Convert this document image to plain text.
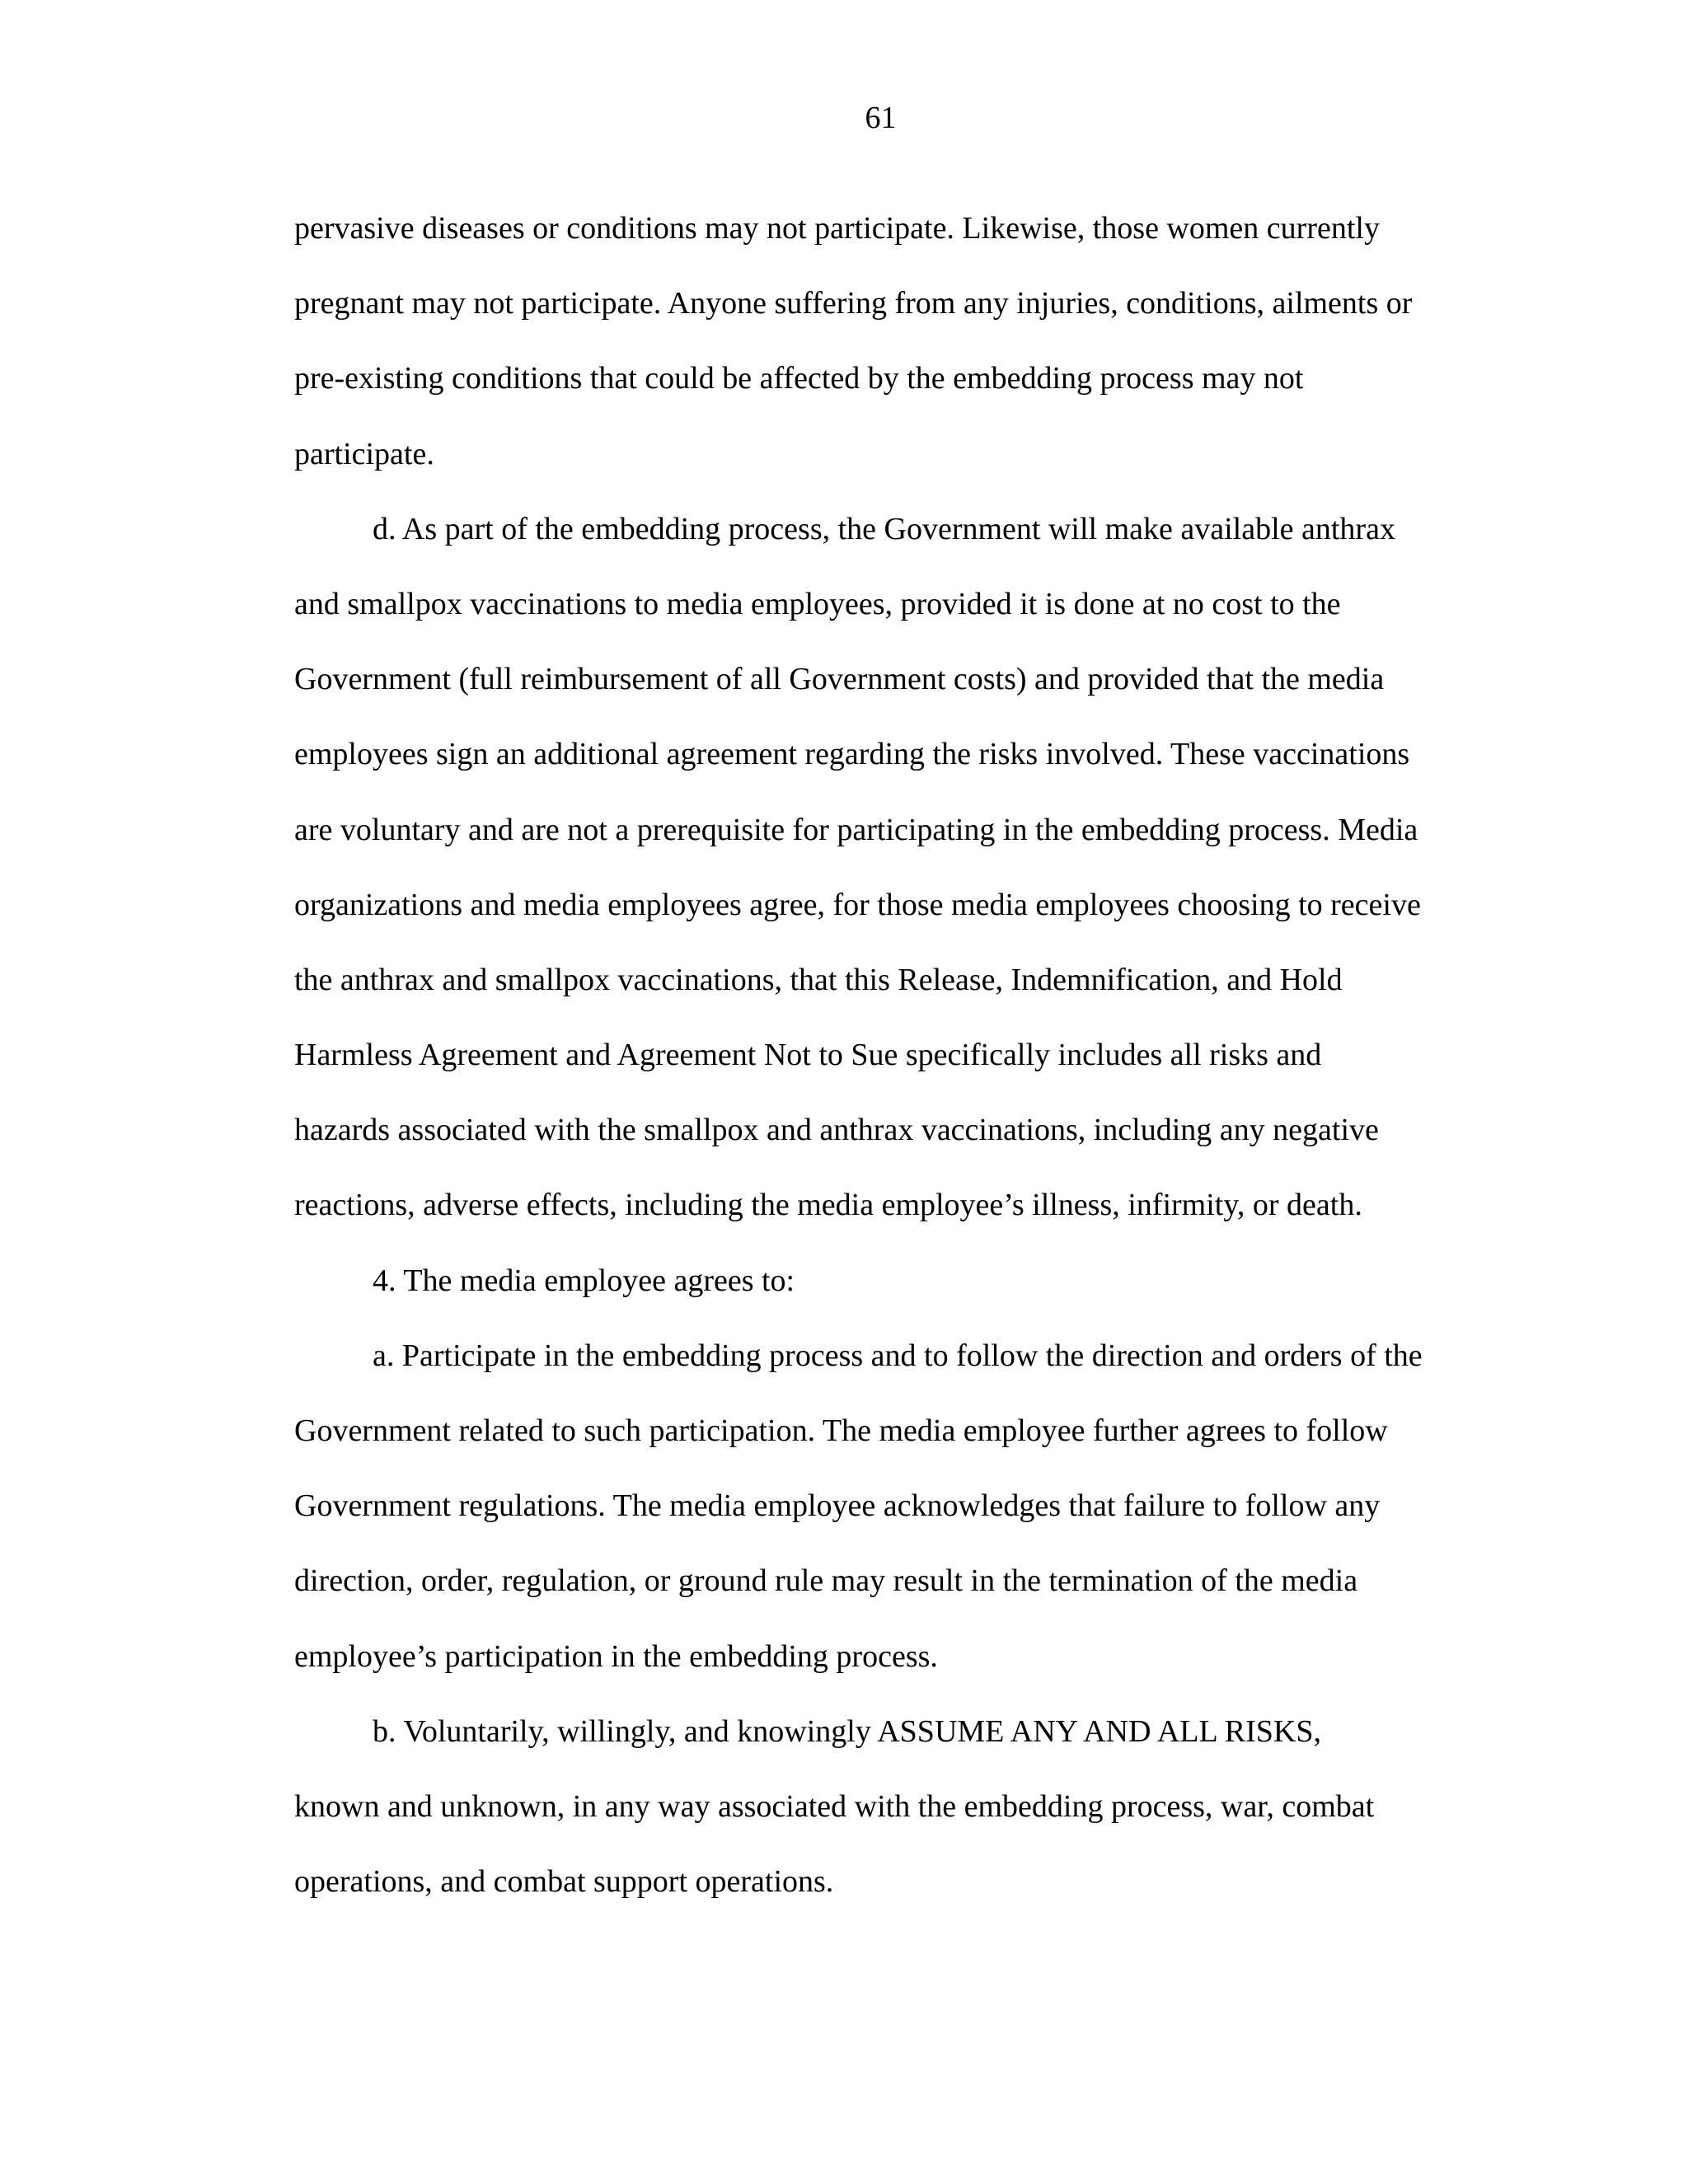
61
pervasive diseases or conditions may not participate. Likewise, those women currently
pregnant may not participate. Anyone suffering from any injuries, conditions, ailments or
pre-existing conditions that could be affected by the embedding process may not
participate.
d. As part of the embedding process, the Government will make available anthrax
and smallpox vaccinations to media employees, provided it is done at no cost to the
Government (full reimbursement of all Government costs) and provided that the media
employees sign an additional agreement regarding the risks involved. These vaccinations
are voluntary and are not a prerequisite for participating in the embedding process. Media
organizations and media employees agree, for those media employees choosing to receive
the anthrax and smallpox vaccinations, that this Release, Indemnification, and Hold
Harmless Agreement and Agreement Not to Sue specifically includes all risks and
hazards associated with the smallpox and anthrax vaccinations, including any negative
reactions, adverse effects, including the media employee’s illness, infirmity, or death.
4. The media employee agrees to:
a. Participate in the embedding process and to follow the direction and orders of the
Government related to such participation. The media employee further agrees to follow
Government regulations. The media employee acknowledges that failure to follow any
direction, order, regulation, or ground rule may result in the termination of the media
employee’s participation in the embedding process.
b. Voluntarily, willingly, and knowingly ASSUME ANY AND ALL RISKS,
known and unknown, in any way associated with the embedding process, war, combat
operations, and combat support operations.
